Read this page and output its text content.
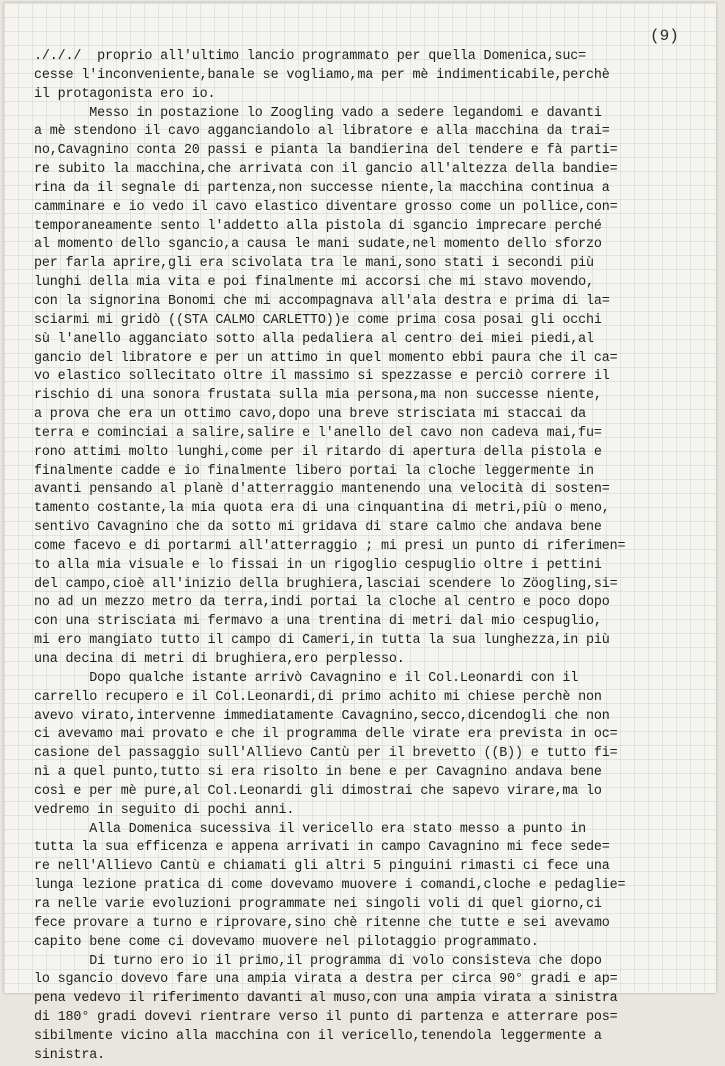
(9)
./././  proprio all'ultimo lancio programmato per quella Domenica,suc=
cesse l'inconveniente,banale se vogliamo,ma per mè indimenticabile,perchè
il protagonista ero io.
Messo in postazione lo Zoogling vado a sedere legandomi e davanti
a mè stendono il cavo agganciandolo al libratore e alla macchina da trai=
no,Cavagnino conta 20 passi e pianta la bandierina del tendere e fà parti=
re subito la macchina,che arrivata con il gancio all'altezza della bandie=
rina da il segnale di partenza,non successe niente,la macchina continua a
camminare e io vedo il cavo elastico diventare grosso come un pollice,con=
temporaneamente sento l'addetto alla pistola di sgancio imprecare perché
al momento dello sgancio,a causa le mani sudate,nel momento dello sforzo
per farla aprire,gli era scivolata tra le mani,sono stati i secondi più
lunghi della mia vita e poi finalmente mi accorsi che mi stavo movendo,
con la signorina Bonomi che mi accompagnava all'ala destra e prima di la=
sciarmi mi gridò ((STA CALMO CARLETTO))e come prima cosa posai gli occhi
sù l'anello agganciato sotto alla pedaliera al centro dei miei piedi,al
gancio del libratore e per un attimo in quel momento ebbi paura che il ca=
vo elastico sollecitato oltre il massimo si spezzasse e perciò correre il
rischio di una sonora frustata sulla mia persona,ma non successe niente,
a prova che era un ottimo cavo,dopo una breve strisciata mi staccai da
terra e cominciai a salire,salire e l'anello del cavo non cadeva mai,fu=
rono attimi molto lunghi,come per il ritardo di apertura della pistola e
finalmente cadde e io finalmente libero portai la cloche leggermente in
avanti pensando al planè d'atterraggio mantenendo una velocità di sosten=
tamento costante,la mia quota era di una cinquantina di metri,più o meno,
sentivo Cavagnino che da sotto mi gridava di stare calmo che andava bene
come facevo e di portarmi all'atterraggio ; mi presi un punto di riferimen=
to alla mia visuale e lo fissai in un rigoglio cespuglio oltre i pettini
del campo,cioè all'inizio della brughiera,lasciai scendere lo Zöogling,si=
no ad un mezzo metro da terra,indi portai la cloche al centro e poco dopo
con una strisciata mi fermavo a una trentina di metri dal mio cespuglio,
mi ero mangiato tutto il campo di Cameri,in tutta la sua lunghezza,in più
una decina di metri di brughiera,ero perplesso.
Dopo qualche istante arrivò Cavagnino e il Col.Leonardi con il
carrello recupero e il Col.Leonardi,di primo achito mi chiese perchè non
avevo virato,intervenne immediatamente Cavagnino,secco,dicendogli che non
ci avevamo mai provato e che il programma delle virate era prevista in oc=
casione del passaggio sull'Allievo Cantù per il brevetto ((B)) e tutto fi=
nì a quel punto,tutto si era risolto in bene e per Cavagnino andava bene
così e per mè pure,al Col.Leonardi gli dimostrai che sapevo virare,ma lo
vedremo in seguito di pochi anni.
Alla Domenica sucessiva il vericello era stato messo a punto in
tutta la sua efficenza e appena arrivati in campo Cavagnino mi fece sede=
re nell'Allievo Cantù e chiamati gli altri 5 pinguini rimasti ci fece una
lunga lezione pratica di come dovevamo muovere i comandi,cloche e pedaglie=
ra nelle varie evoluzioni programmate nei singoli voli di quel giorno,ci
fece provare a turno e riprovare,sino chè ritenne che tutte e sei avevamo
capito bene come ci dovevamo muovere nel pilotaggio programmato.
Di turno ero io il primo,il programma di volo consisteva che dopo
lo sgancio dovevo fare una ampia virata a destra per circa 90° gradi e ap=
pena vedevo il riferimento davanti al muso,con una ampia virata a sinistra
di 180° gradi dovevi rientrare verso il punto di partenza e atterrare pos=
sibilmente vicino alla macchina con il vericello,tenendola leggermente a
sinistra.
